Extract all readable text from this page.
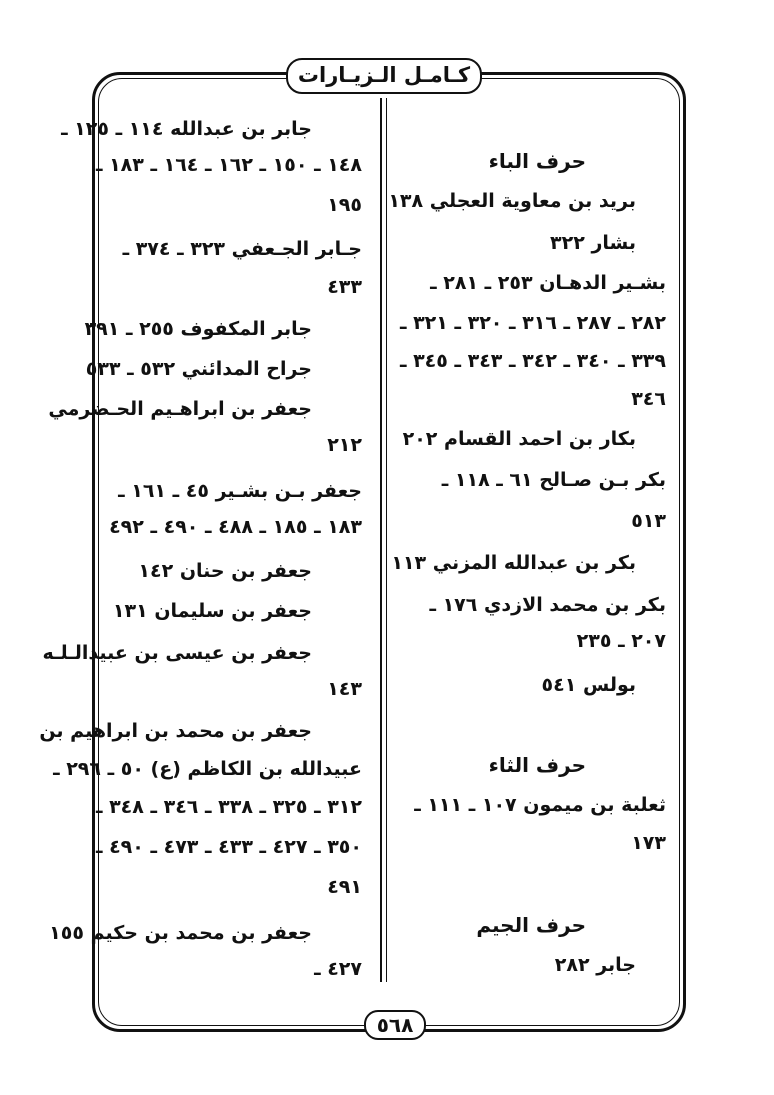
كـامـل الـزيـارات
حرف الباء
بريد بن معاوية العجلي ١٣٨
بشار ٣٢٢
بشـير الدهـان ٢٥٣ ـ ٢٨١ ـ
٢٨٢ ـ ٢٨٧ ـ ٣١٦ ـ ٣٢٠ ـ ٣٢١ ـ
٣٣٩ ـ ٣٤٠ ـ ٣٤٢ ـ ٣٤٣ ـ ٣٤٥ ـ
٣٤٦
بكار بن احمد القسام ٢٠٢
بكر بـن صـالح ٦١ ـ ١١٨ ـ
٥١٣
بكر بن عبدالله المزني ١١٣
بكر بن محمد الازدي ١٧٦ ـ
٢٠٧ ـ ٢٣٥
بولس ٥٤١
حرف الثاء
ثعلبة بن ميمون ١٠٧ ـ ١١١ ـ
١٧٣
حرف الجيم
جابر ٢٨٢
جابر بن عبدالله ١١٤ ـ ١٢٥ ـ
١٤٨ ـ ١٥٠ ـ ١٦٢ ـ ١٦٤ ـ ١٨٣ ـ
١٩٥
جـابر الجـعفي ٣٢٣ ـ ٣٧٤ ـ
٤٣٣
جابر المكفوف ٢٥٥ ـ ٣٩١
جراح المدائني ٥٣٢ ـ ٥٣٣
جعفر بن ابراهـيم الحـضرمي
٢١٢
جعفر بـن بشـير ٤٥ ـ ١٦١ ـ
١٨٣ ـ ١٨٥ ـ ٤٨٨ ـ ٤٩٠ ـ ٤٩٢
جعفر بن حنان ١٤٢
جعفر بن سليمان ١٣١
جعفر بن عيسى بن عبيدالـلـه
١٤٣
جعفر بن محمد بن ابراهيم بن
عبيدالله بن الكاظم (ع) ٥٠ ـ ٢٩٦ ـ
٣١٢ ـ ٣٢٥ ـ ٣٣٨ ـ ٣٤٦ ـ ٣٤٨ ـ
٣٥٠ ـ ٤٢٧ ـ ٤٣٣ ـ ٤٧٣ ـ ٤٩٠ ـ
٤٩١
جعفر بن محمد بن حكيم ١٥٥
٤٢٧ ـ
٥٦٨
